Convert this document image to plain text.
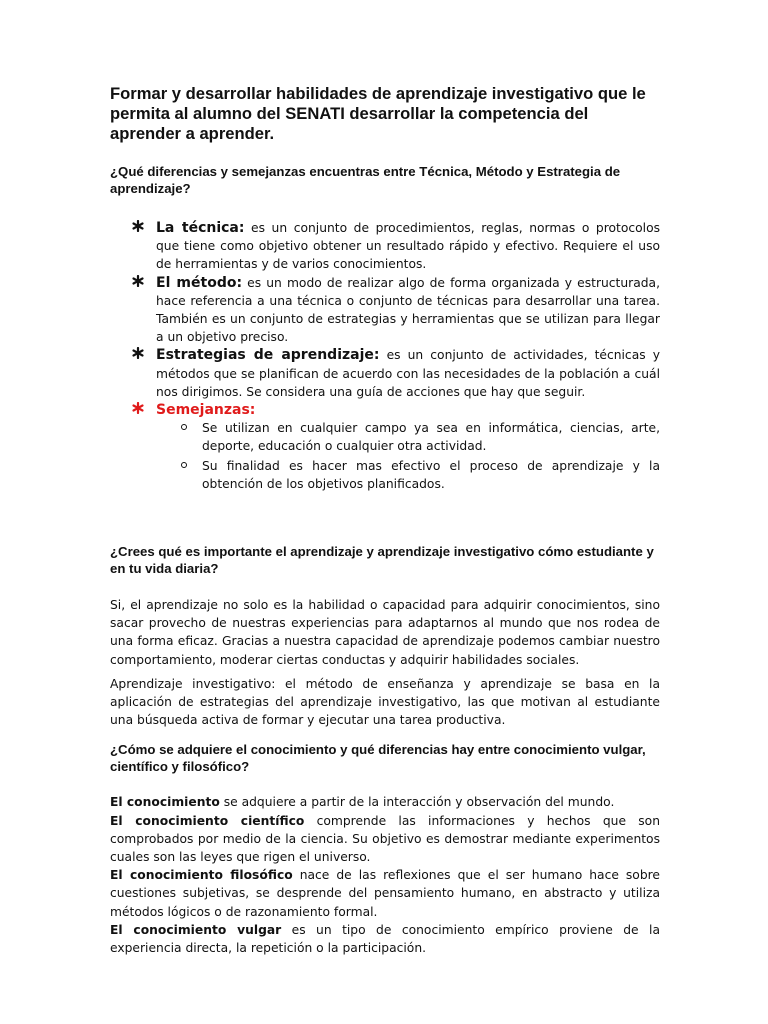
Formar y desarrollar habilidades de aprendizaje investigativo que le permita al alumno del SENATI desarrollar la competencia del aprender a aprender.
¿Qué diferencias y semejanzas encuentras entre Técnica, Método y Estrategia de aprendizaje?
La técnica: es un conjunto de procedimientos, reglas, normas o protocolos que tiene como objetivo obtener un resultado rápido y efectivo. Requiere el uso de herramientas y de varios conocimientos.
El método: es un modo de realizar algo de forma organizada y estructurada, hace referencia a una técnica o conjunto de técnicas para desarrollar una tarea. También es un conjunto de estrategias y herramientas que se utilizan para llegar a un objetivo preciso.
Estrategias de aprendizaje: es un conjunto de actividades, técnicas y métodos que se planifican de acuerdo con las necesidades de la población a cuál nos dirigimos. Se considera una guía de acciones que hay que seguir.
Semejanzas:
Se utilizan en cualquier campo ya sea en informática, ciencias, arte, deporte, educación o cualquier otra actividad.
Su finalidad es hacer mas efectivo el proceso de aprendizaje y la obtención de los objetivos planificados.
¿Crees qué es importante el aprendizaje y aprendizaje investigativo cómo estudiante y en tu vida diaria?

Si, el aprendizaje no solo es la habilidad o capacidad para adquirir conocimientos, sino sacar provecho de nuestras experiencias para adaptarnos al mundo que nos rodea de una forma eficaz. Gracias a nuestra capacidad de aprendizaje podemos cambiar nuestro comportamiento, moderar ciertas conductas y adquirir habilidades sociales.

Aprendizaje investigativo: el método de enseñanza y aprendizaje se basa en la aplicación de estrategias del aprendizaje investigativo, las que motivan al estudiante una búsqueda activa de formar y ejecutar una tarea productiva.

¿Cómo se adquiere el conocimiento y qué diferencias hay entre conocimiento vulgar, científico y filosófico?

El conocimiento se adquiere a partir de la interacción y observación del mundo.

El conocimiento científico comprende las informaciones y hechos que son comprobados por medio de la ciencia. Su objetivo es demostrar mediante experimentos cuales son las leyes que rigen el universo.

El conocimiento filosófico nace de las reflexiones que el ser humano hace sobre cuestiones subjetivas, se desprende del pensamiento humano, en abstracto y utiliza métodos lógicos o de razonamiento formal.

El conocimiento vulgar es un tipo de conocimiento empírico proviene de la experiencia directa, la repetición o la participación.
